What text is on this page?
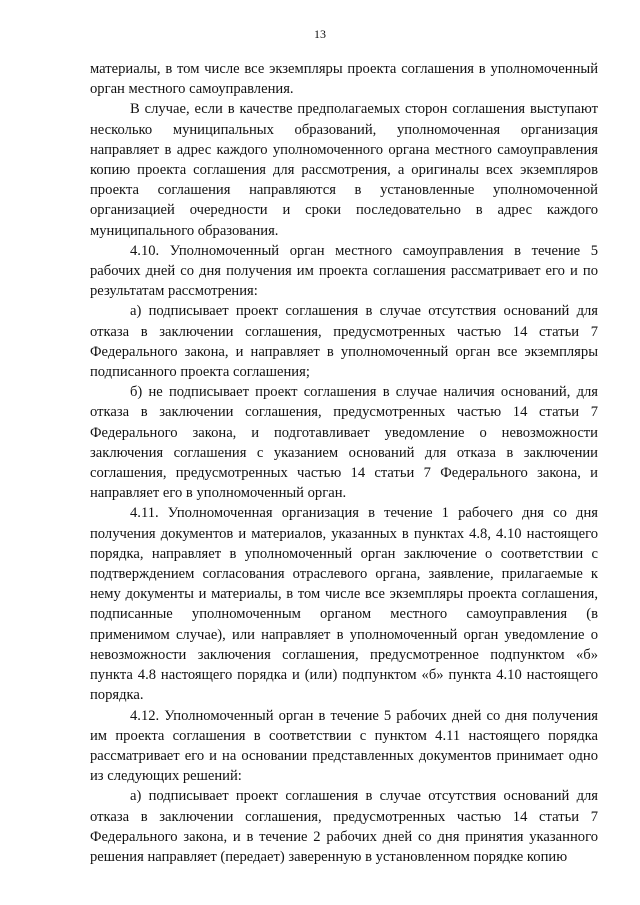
13

материалы, в том числе все экземпляры проекта соглашения в уполномоченный орган местного самоуправления.

В случае, если в качестве предполагаемых сторон соглашения выступают несколько муниципальных образований, уполномоченная организация направляет в адрес каждого уполномоченного органа местного самоуправления копию проекта соглашения для рассмотрения, а оригиналы всех экземпляров проекта соглашения направляются в установленные уполномоченной организацией очередности и сроки последовательно в адрес каждого муниципального образования.

4.10. Уполномоченный орган местного самоуправления в течение 5 рабочих дней со дня получения им проекта соглашения рассматривает его и по результатам рассмотрения:

а) подписывает проект соглашения в случае отсутствия оснований для отказа в заключении соглашения, предусмотренных частью 14 статьи 7 Федерального закона, и направляет в уполномоченный орган все экземпляры подписанного проекта соглашения;

б) не подписывает проект соглашения в случае наличия оснований, для отказа в заключении соглашения, предусмотренных частью 14 статьи 7 Федерального закона, и подготавливает уведомление о невозможности заключения соглашения с указанием оснований для отказа в заключении соглашения, предусмотренных частью 14 статьи 7 Федерального закона, и направляет его в уполномоченный орган.

4.11. Уполномоченная организация в течение 1 рабочего дня со дня получения документов и материалов, указанных в пунктах 4.8, 4.10 настоящего порядка, направляет в уполномоченный орган заключение о соответствии с подтверждением согласования отраслевого органа, заявление, прилагаемые к нему документы и материалы, в том числе все экземпляры проекта соглашения, подписанные уполномоченным органом местного самоуправления (в применимом случае), или направляет в уполномоченный орган уведомление о невозможности заключения соглашения, предусмотренное подпунктом «б» пункта 4.8 настоящего порядка и (или) подпунктом «б» пункта 4.10 настоящего порядка.

4.12. Уполномоченный орган в течение 5 рабочих дней со дня получения им проекта соглашения в соответствии с пунктом 4.11 настоящего порядка рассматривает его и на основании представленных документов принимает одно из следующих решений:

а) подписывает проект соглашения в случае отсутствия оснований для отказа в заключении соглашения, предусмотренных частью 14 статьи 7 Федерального закона, и в течение 2 рабочих дней со дня принятия указанного решения направляет (передает) заверенную в установленном порядке копию
